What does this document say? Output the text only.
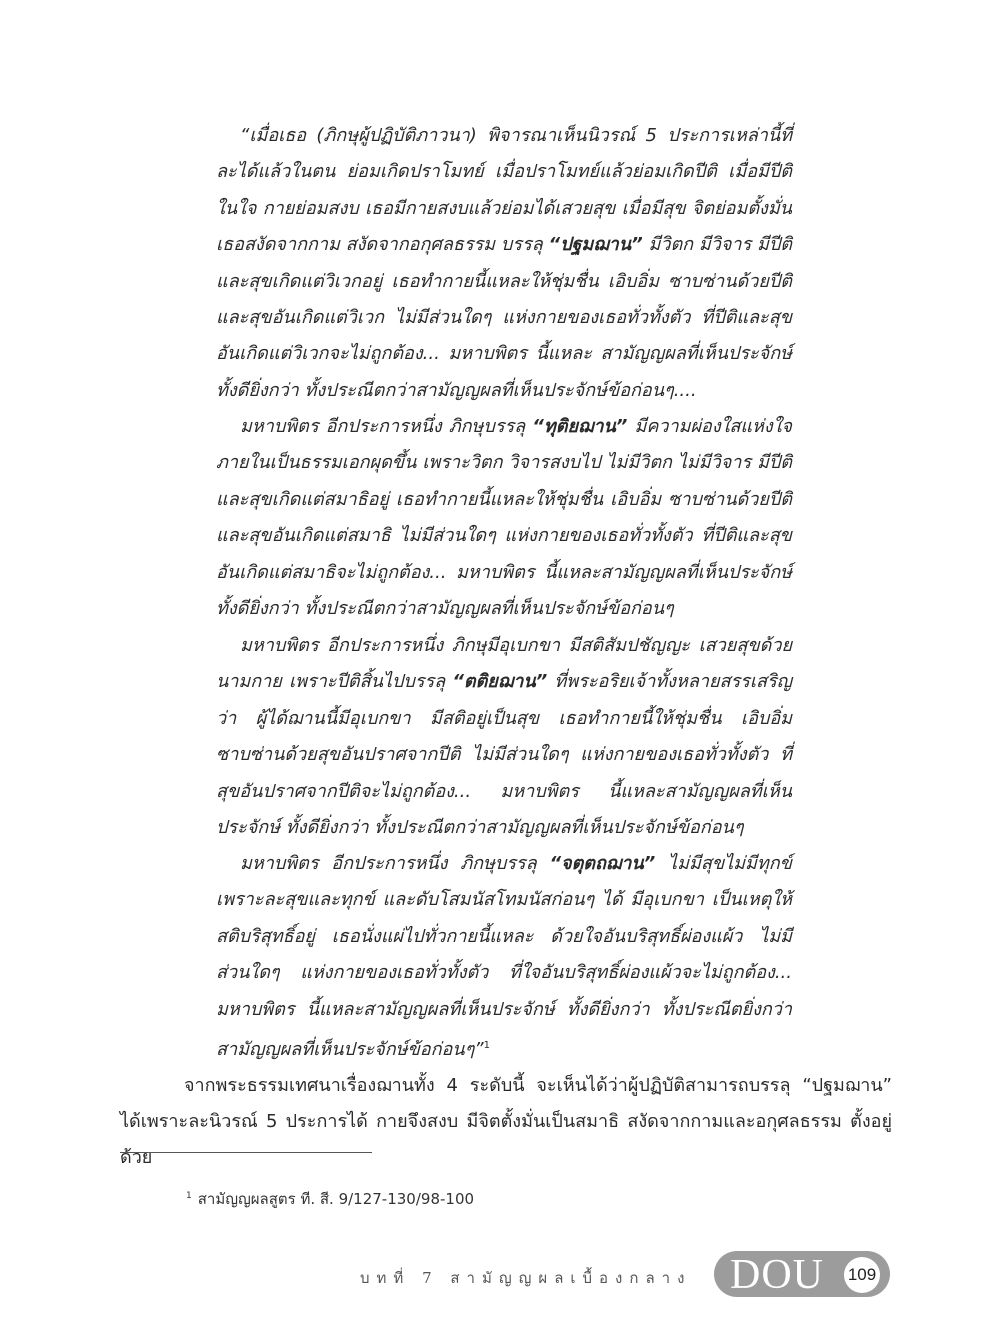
“เมื่อเธอ (ภิกษุผู้ปฏิบัติภาวนา) พิจารณาเห็นนิวรณ์ 5 ประการเหล่านี้ที่ละได้แล้วในตน ย่อมเกิดปราโมทย์ เมื่อปราโมทย์แล้วย่อมเกิดปีติ เมื่อมีปีติในใจ กายย่อมสงบ เธอมีกายสงบแล้วย่อมได้เสวยสุข เมื่อมีสุข จิตย่อมตั้งมั่น เธอสงัดจากกาม สงัดจากอกุศลธรรม บรรลุ “ปฐมฌาน” มีวิตก มีวิจาร มีปีติและสุขเกิดแต่วิเวกอยู่ เธอทำกายนี้แหละให้ชุ่มชื่น เอิบอิ่ม ซาบซ่านด้วยปีติและสุขอันเกิดแต่วิเวก ไม่มีส่วนใดๆ แห่งกายของเธอทั่วทั้งตัว ที่ปีติและสุขอันเกิดแต่วิเวกจะไม่ถูกต้อง... มหาบพิตร นี้แหละ สามัญญผลที่เห็นประจักษ์ ทั้งดียิ่งกว่า ทั้งประณีตกว่าสามัญญผลที่เห็นประจักษ์ข้อก่อนๆ....
มหาบพิตร อีกประการหนึ่ง ภิกษุบรรลุ “ทุติยฌาน” มีความผ่องใสแห่งใจภายในเป็นธรรมเอกผุดขึ้น เพราะวิตก วิจารสงบไป ไม่มีวิตก ไม่มีวิจาร มีปีติและสุขเกิดแต่สมาธิอยู่ เธอทำกายนี้แหละให้ชุ่มชื่น เอิบอิ่ม ซาบซ่านด้วยปีติและสุขอันเกิดแต่สมาธิ ไม่มีส่วนใดๆ แห่งกายของเธอทั่วทั้งตัว ที่ปีติและสุขอันเกิดแต่สมาธิจะไม่ถูกต้อง... มหาบพิตร นี้แหละสามัญญผลที่เห็นประจักษ์ ทั้งดียิ่งกว่า ทั้งประณีตกว่าสามัญญผลที่เห็นประจักษ์ข้อก่อนๆ
มหาบพิตร อีกประการหนึ่ง ภิกษุมีอุเบกขา มีสติสัมปชัญญะ เสวยสุขด้วยนามกาย เพราะปีติสิ้นไปบรรลุ “ตติยฌาน” ที่พระอริยเจ้าทั้งหลายสรรเสริญว่า ผู้ได้ฌานนี้มีอุเบกขา มีสติอยู่เป็นสุข เธอทำกายนี้ให้ชุ่มชื่น เอิบอิ่ม ซาบซ่านด้วยสุขอันปราศจากปีติ ไม่มีส่วนใดๆ แห่งกายของเธอทั่วทั้งตัว ที่สุขอันปราศจากปีติจะไม่ถูกต้อง... มหาบพิตร นี้แหละสามัญญผลที่เห็นประจักษ์ ทั้งดียิ่งกว่า ทั้งประณีตกว่าสามัญญผลที่เห็นประจักษ์ข้อก่อนๆ
มหาบพิตร อีกประการหนึ่ง ภิกษุบรรลุ “จตุตถฌาน” ไม่มีสุขไม่มีทุกข์ เพราะละสุขและทุกข์ และดับโสมนัสโทมนัสก่อนๆ ได้ มีอุเบกขา เป็นเหตุให้สติบริสุทธิ์อยู่ เธอนั่งแผ่ไปทั่วกายนี้แหละ ด้วยใจอันบริสุทธิ์ผ่องแผ้ว ไม่มีส่วนใดๆ แห่งกายของเธอทั่วทั้งตัว ที่ใจอันบริสุทธิ์ผ่องแผ้วจะไม่ถูกต้อง... มหาบพิตร นี้แหละสามัญญผลที่เห็นประจักษ์ ทั้งดียิ่งกว่า ทั้งประณีตยิ่งกว่าสามัญญผลที่เห็นประจักษ์ข้อก่อนๆ”$^1$
จากพระธรรมเทศนาเรื่องฌานทั้ง 4 ระดับนี้ จะเห็นได้ว่าผู้ปฏิบัติสามารถบรรลุ “ปฐมฌาน” ได้เพราะละนิวรณ์ 5 ประการได้ กายจึงสงบ มีจิตตั้งมั่นเป็นสมาธิ สงัดจากกามและอกุศลธรรม ตั้งอยู่ด้วย
$^1$ สามัญญผลสูตร ที. สี. 9/127-130/98-100
บทที่ 7 สามัญญผลเบื้องกลาง DOU 109
